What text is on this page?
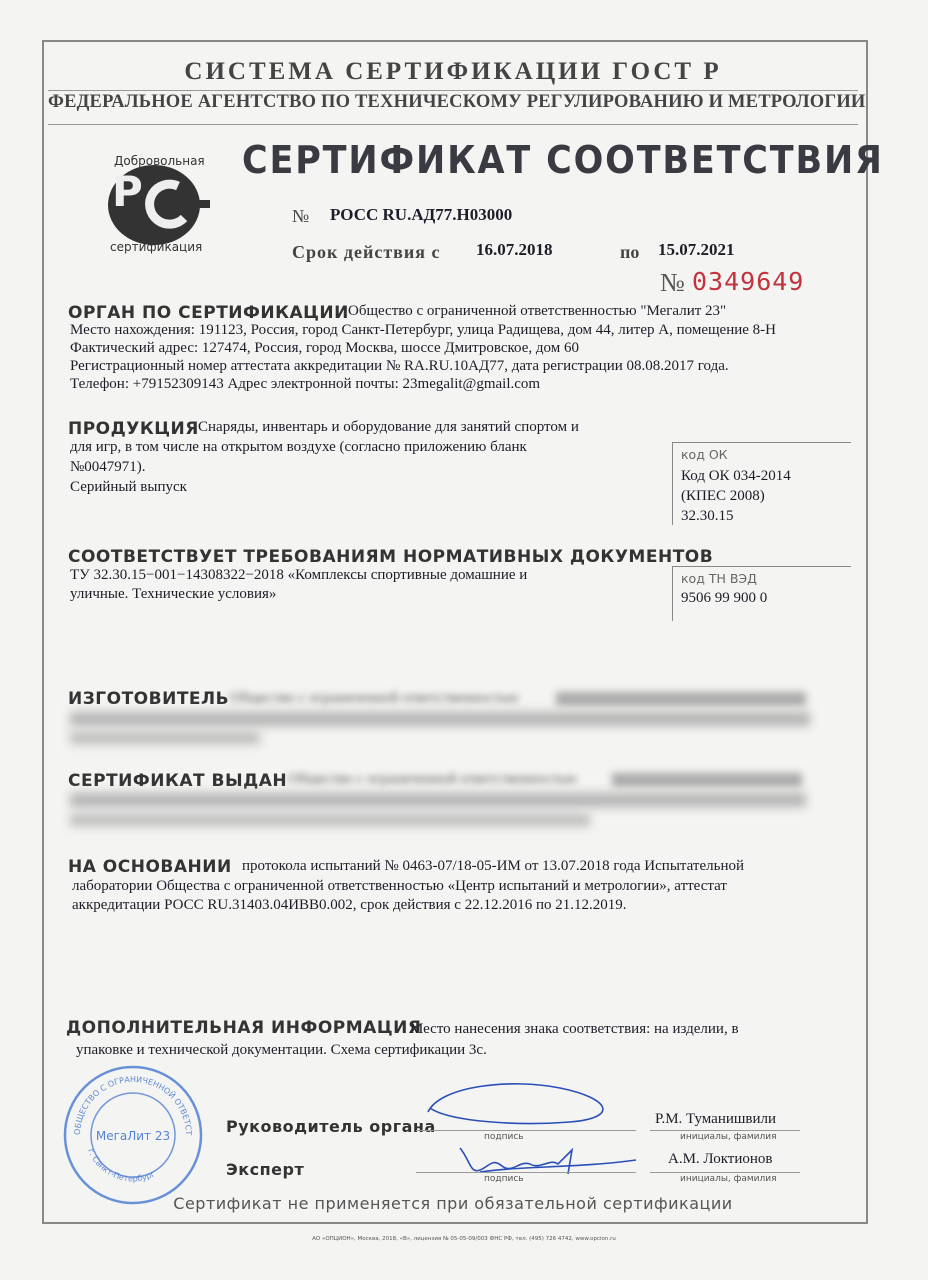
СИСТЕМА СЕРТИФИКАЦИИ ГОСТ Р
ФЕДЕРАЛЬНОЕ АГЕНТСТВО ПО ТЕХНИЧЕСКОМУ РЕГУЛИРОВАНИЮ И МЕТРОЛОГИИ
P
Добровольная
сертификация
СЕРТИФИКАТ СООТВЕТСТВИЯ
№ РОСС RU.АД77.Н03000
Срок действия с 16.07.2018	по 15.07.2021
№ 0349649
ОРГАН ПО СЕРТИФИКАЦИИ Общество с ограниченной ответственностью "Мегалит 23"
Место нахождения: 191123, Россия, город Санкт-Петербург, улица Радищева, дом 44, литер А, помещение 8-Н
Фактический адрес: 127474, Россия, город Москва, шоссе Дмитровское, дом 60
Регистрационный номер аттестата аккредитации № RA.RU.10АД77, дата регистрации 08.08.2017 года.
Телефон: +79152309143 Адрес электронной почты: 23megalit@gmail.com
ПРОДУКЦИЯ Снаряды, инвентарь и оборудование для занятий спортом и
для игр, в том числе на открытом воздухе (согласно приложению бланк
№0047971).
Серийный выпуск
код ОК
Код ОК 034-2014
(КПЕС 2008)
32.30.15
СООТВЕТСТВУЕТ ТРЕБОВАНИЯМ НОРМАТИВНЫХ ДОКУМЕНТОВ
ТУ 32.30.15−001−14308322−2018 «Комплексы спортивные домашние и
уличные. Технические условия»
код ТН ВЭД
9506 99 900 0
ИЗГОТОВИТЕЛЬ Общество с ограниченной ответственностью
СЕРТИФИКАТ ВЫДАН Общество с ограниченной ответственностью
НА ОСНОВАНИИ протокола испытаний № 0463-07/18-05-ИМ от 13.07.2018 года Испытательной
лаборатории Общества с ограниченной ответственностью «Центр испытаний и метрологии», аттестат
аккредитации РОСС RU.31403.04ИВВ0.002, срок действия с 22.12.2016 по 21.12.2019.
ДОПОЛНИТЕЛЬНАЯ ИНФОРМАЦИЯ
Место нанесения знака соответствия: на изделии, в
упаковке и технической документации. Схема сертификации 3с.
ОБЩЕСТВО С ОГРАНИЧЕННОЙ ОТВЕТСТ
г. Санкт-Петербург
МегаЛит 23	Руководитель органа
подпись
Р.М. Туманишвили
инициалы, фамилия
Эксперт	подпись
А.М. Локтионов
инициалы, фамилия
Сертификат не применяется при обязательной сертификации
АО «ОПЦИОН», Москва, 2018, «В», лицензия № 05-05-09/003 ФНС РФ, тел. (495) 726 4742, www.opcion.ru
